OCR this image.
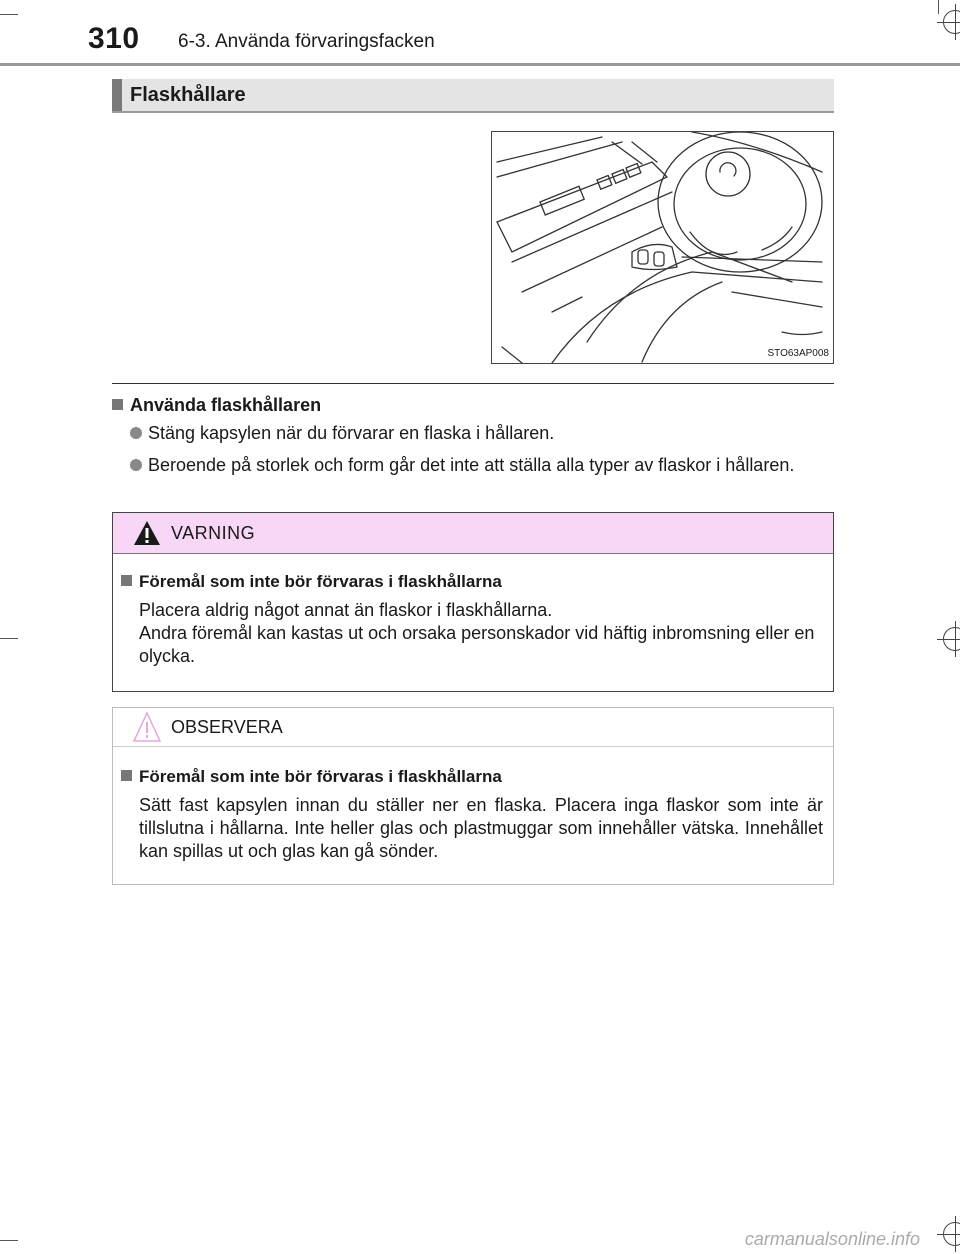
310 6-3. Använda förvaringsfacken
Flaskhållare
STO63AP008
Använda flaskhållaren
Stäng kapsylen när du förvarar en flaska i hållaren.
Beroende på storlek och form går det inte att ställa alla typer av flaskor i hållaren.
VARNING
Föremål som inte bör förvaras i flaskhållarna
Placera aldrig något annat än flaskor i flaskhållarna.
Andra föremål kan kastas ut och orsaka personskador vid häftig inbromsning eller en olycka.
OBSERVERA
Föremål som inte bör förvaras i flaskhållarna
Sätt fast kapsylen innan du ställer ner en flaska. Placera inga flaskor som inte är tillslutna i hållarna. Inte heller glas och plastmuggar som innehåller vätska. Innehållet kan spillas ut och glas kan gå sönder.
carmanualsonline.info
